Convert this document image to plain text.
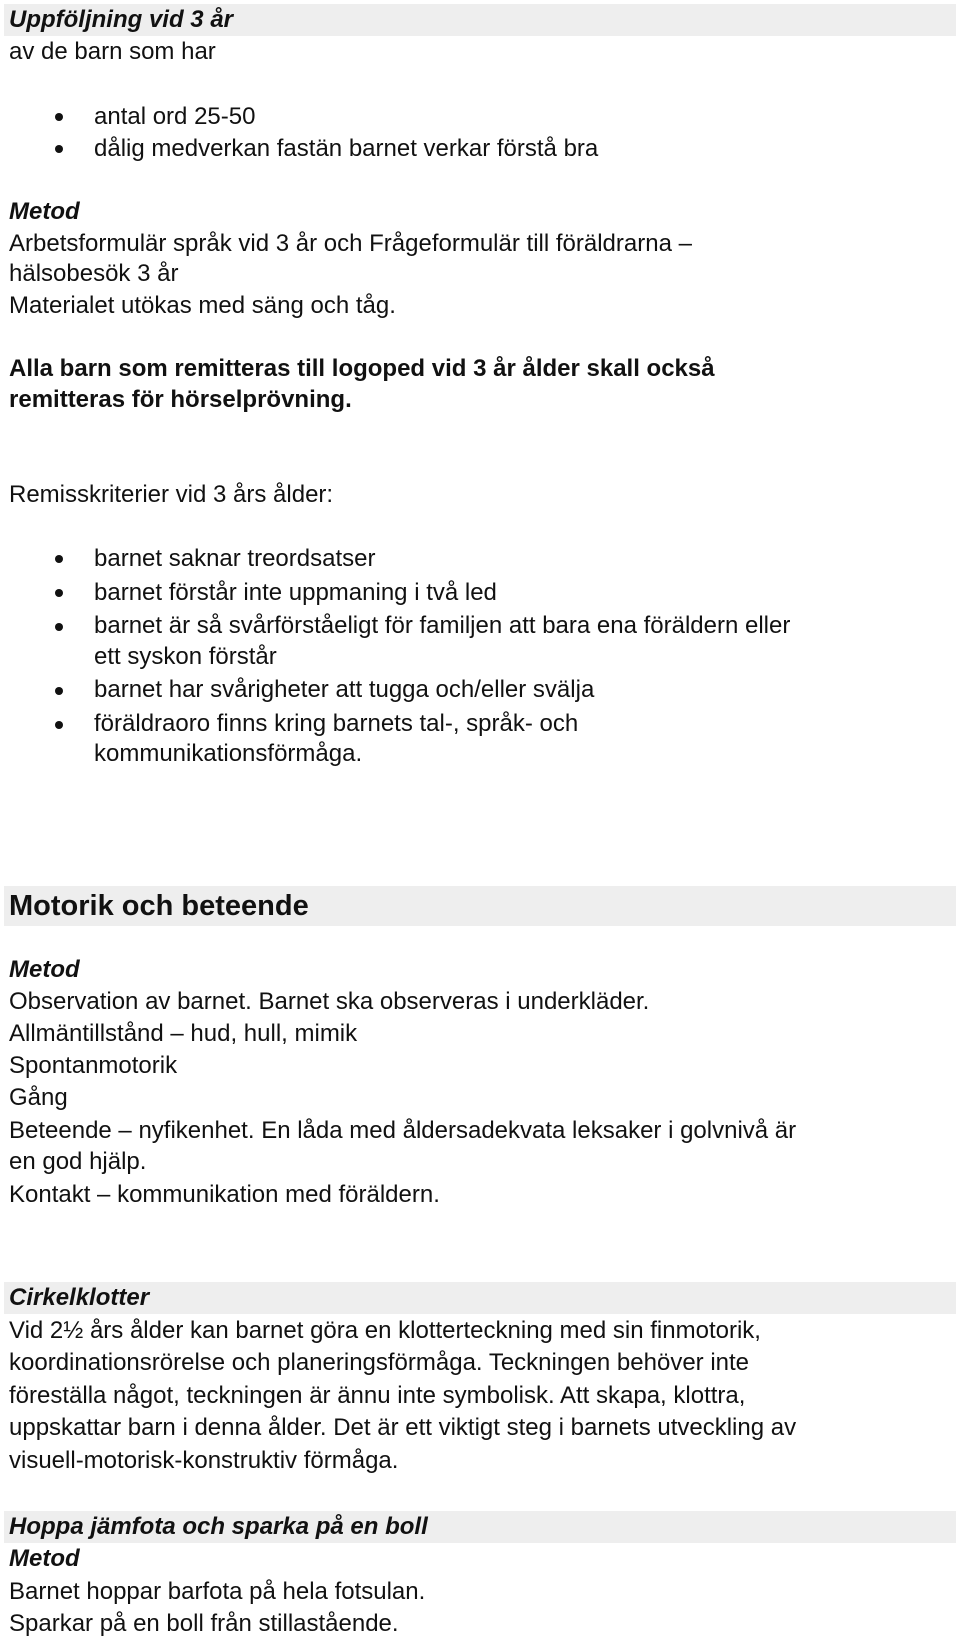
Uppföljning vid 3 år
av de barn som har
antal ord 25-50
dålig medverkan fastän barnet verkar förstå bra
Metod
Arbetsformulär språk vid 3 år och Frågeformulär till föräldrarna –
hälsobesök 3 år
Materialet utökas med säng och tåg.
Alla barn som remitteras till logoped vid 3 år ålder skall också
remitteras för hörselprövning.
Remisskriterier vid 3 års ålder:
barnet saknar treordsatser
barnet förstår inte uppmaning i två led
barnet är så svårförståeligt för familjen att bara ena föräldern eller
ett syskon förstår
barnet har svårigheter att tugga och/eller svälja
föräldraoro finns kring barnets tal-, språk- och
kommunikationsförmåga.
Motorik och beteende
Metod
Observation av barnet. Barnet ska observeras i underkläder.
Allmäntillstånd – hud, hull, mimik
Spontanmotorik
Gång
Beteende – nyfikenhet. En låda med åldersadekvata leksaker i golvnivå är
en god hjälp.
Kontakt – kommunikation med föräldern.
Cirkelklotter
Vid 2½ års ålder kan barnet göra en klotterteckning med sin finmotorik,
koordinationsrörelse och planeringsförmåga. Teckningen behöver inte
föreställa något, teckningen är ännu inte symbolisk. Att skapa, klottra,
uppskattar barn i denna ålder. Det är ett viktigt steg i barnets utveckling av
visuell-motorisk-konstruktiv förmåga.
Hoppa jämfota och sparka på en boll
Metod
Barnet hoppar barfota på hela fotsulan.
Sparkar på en boll från stillastående.
